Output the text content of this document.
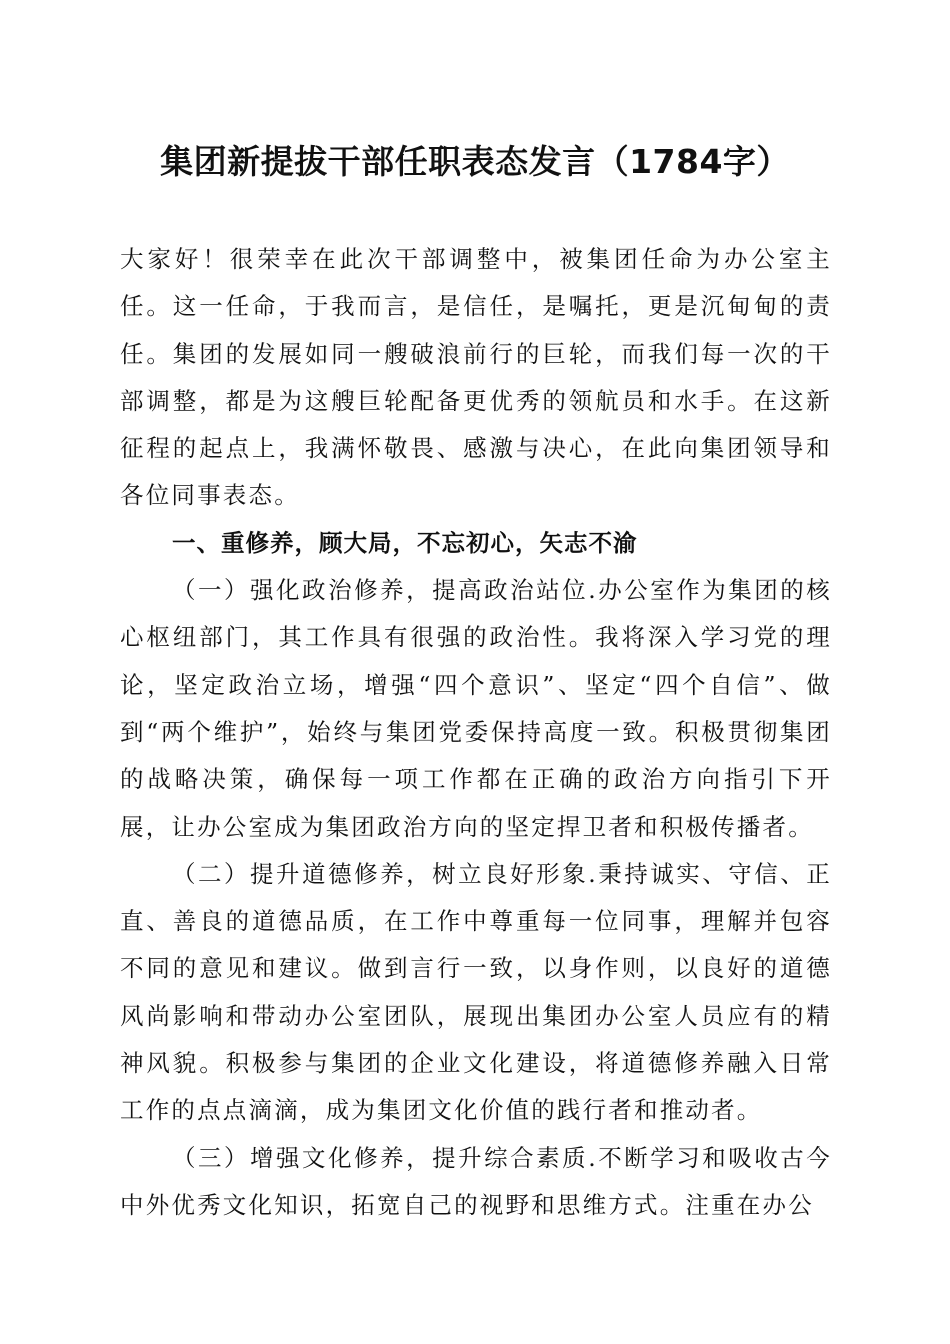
集团新提拔干部任职表态发言（1784字）

大家好！很荣幸在此次干部调整中，被集团任命为办公室主任。这一任命，于我而言，是信任，是嘱托，更是沉甸甸的责任。集团的发展如同一艘破浪前行的巨轮，而我们每一次的干部调整，都是为这艘巨轮配备更优秀的领航员和水手。在这新征程的起点上，我满怀敬畏、感激与决心，在此向集团领导和各位同事表态。

一、重修养，顾大局，不忘初心，矢志不渝

（一）强化政治修养，提高政治站位.办公室作为集团的核心枢纽部门，其工作具有很强的政治性。我将深入学习党的理论，坚定政治立场，增强“四个意识”、坚定“四个自信”、做到“两个维护”，始终与集团党委保持高度一致。积极贯彻集团的战略决策，确保每一项工作都在正确的政治方向指引下开展，让办公室成为集团政治方向的坚定捍卫者和积极传播者。

（二）提升道德修养，树立良好形象.秉持诚实、守信、正直、善良的道德品质，在工作中尊重每一位同事，理解并包容不同的意见和建议。做到言行一致，以身作则，以良好的道德风尚影响和带动办公室团队，展现出集团办公室人员应有的精神风貌。积极参与集团的企业文化建设，将道德修养融入日常工作的点点滴滴，成为集团文化价值的践行者和推动者。

（三）增强文化修养，提升综合素质.不断学习和吸收古今中外优秀文化知识，拓宽自己的视野和思维方式。注重在办公
